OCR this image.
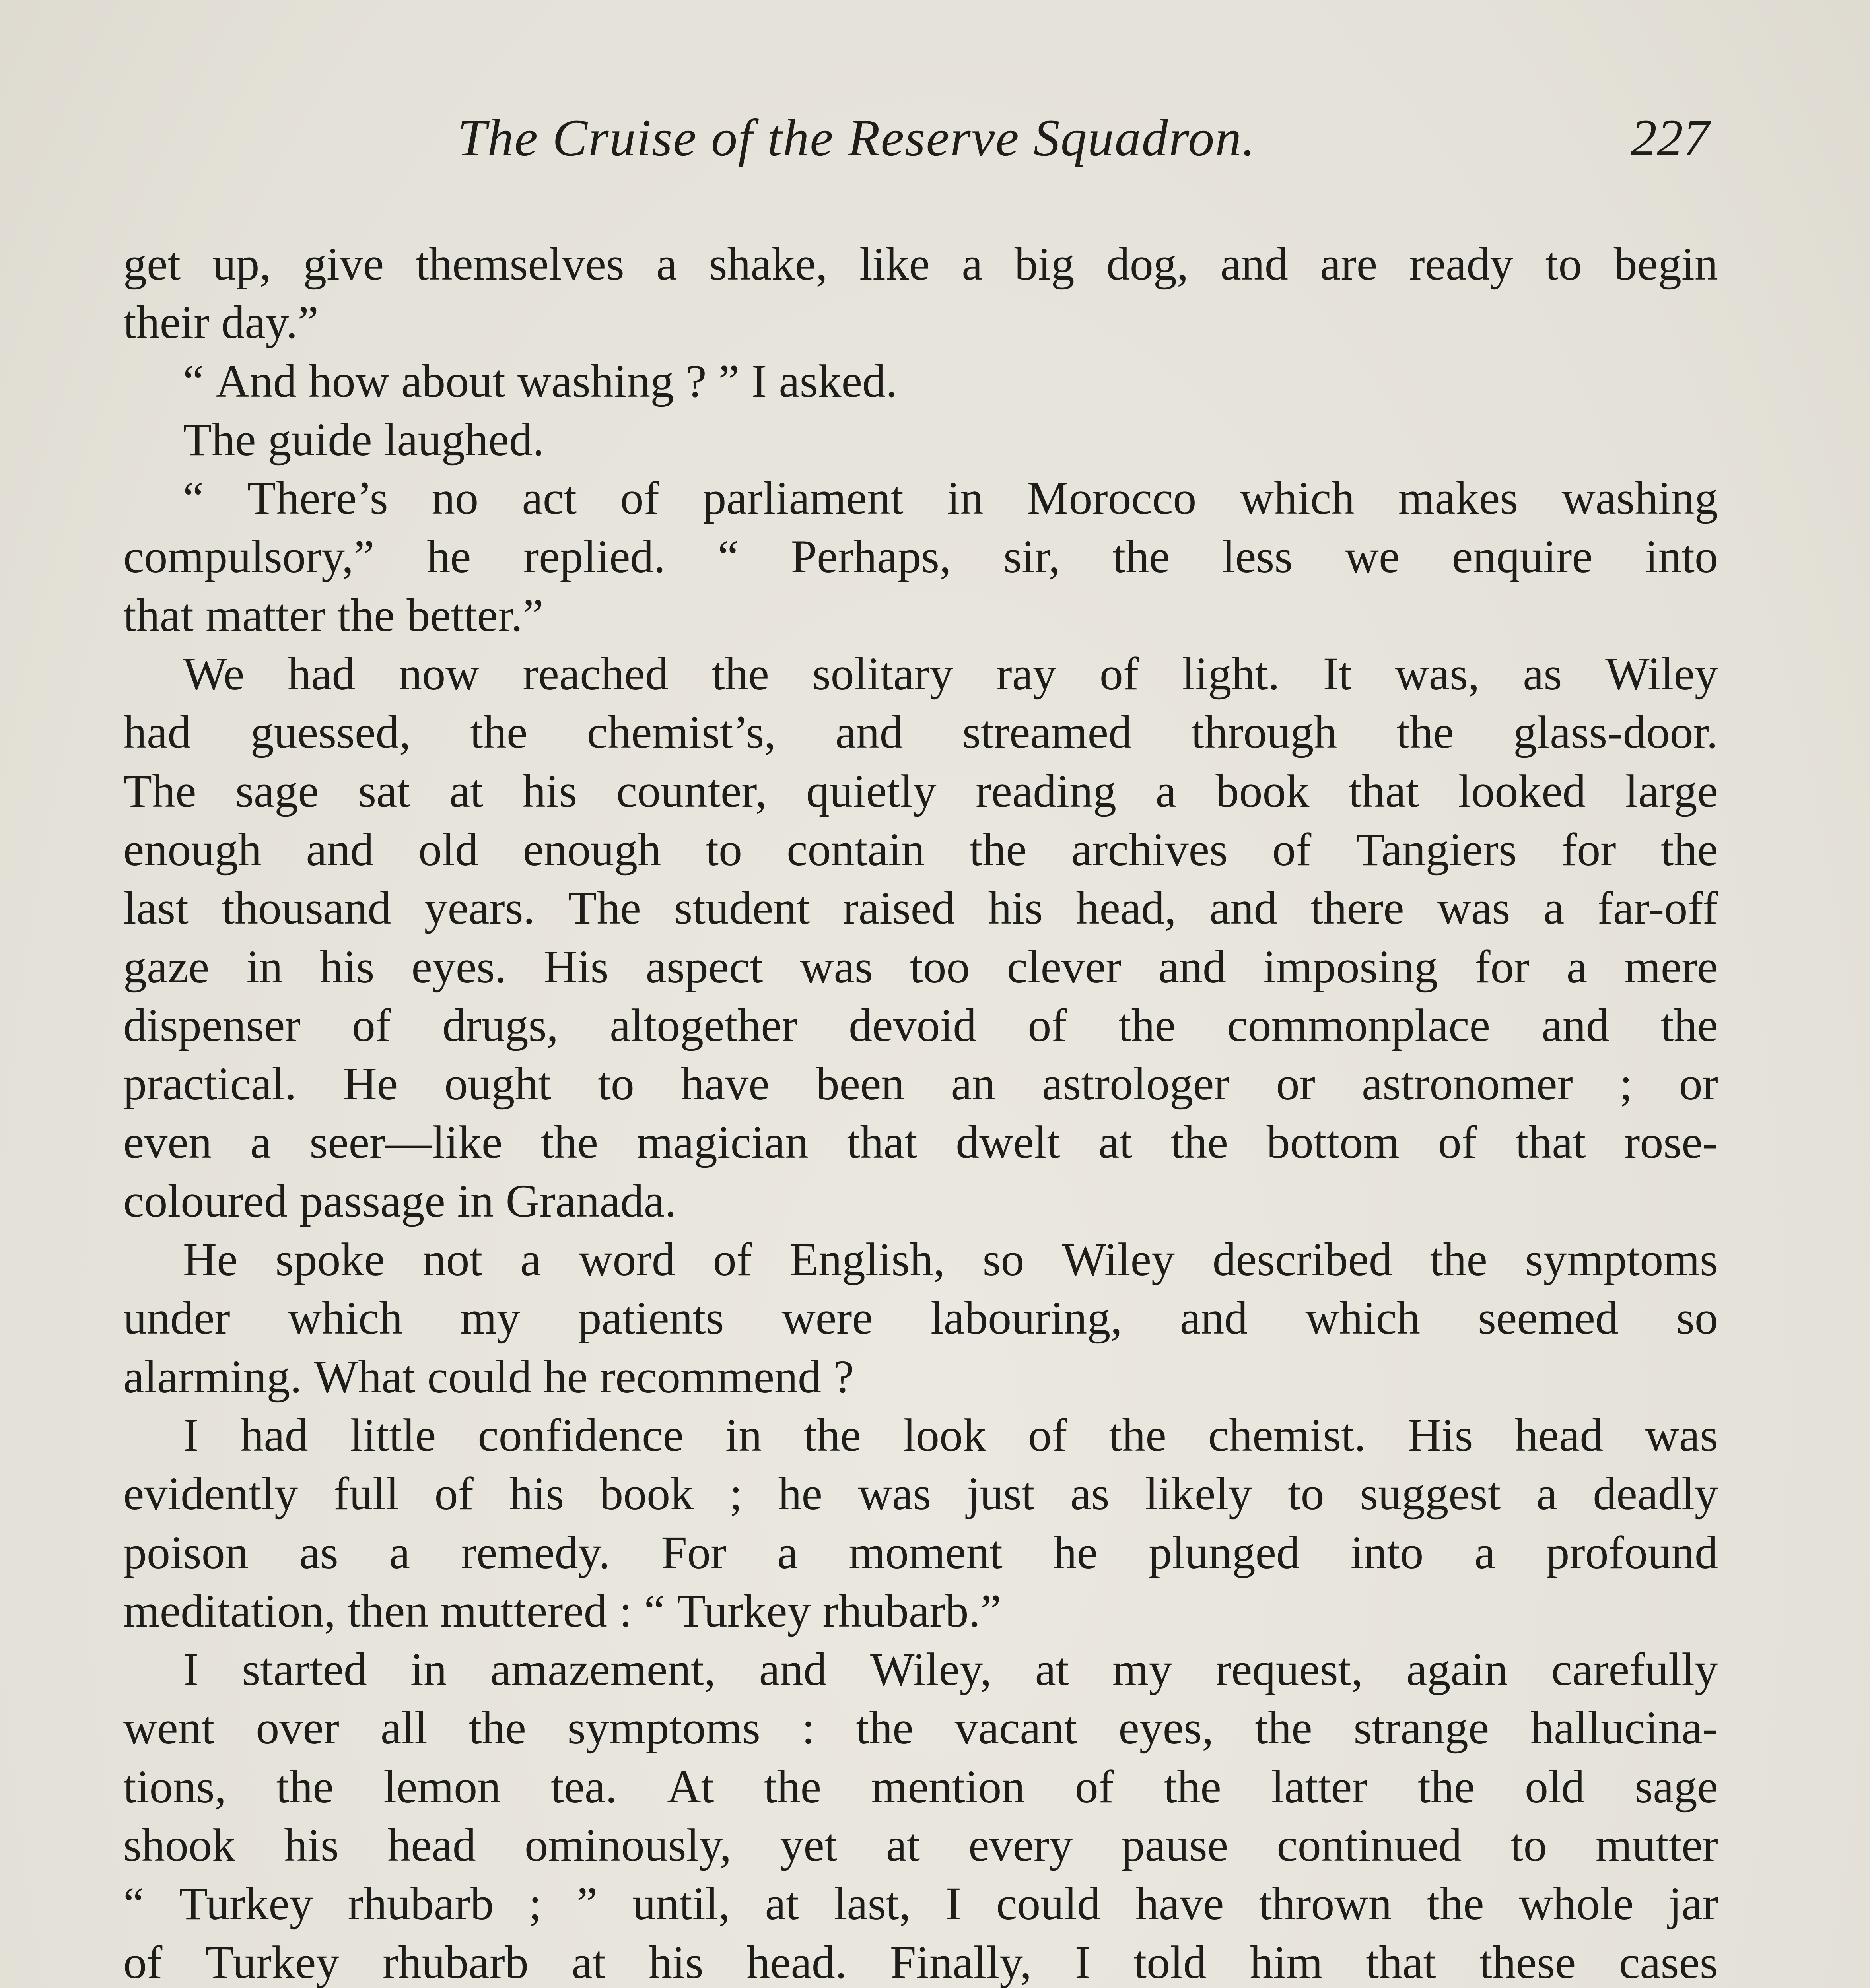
The Cruise of the Reserve Squadron.	227
get up, give themselves a shake, like a big dog, and are ready to begin
their day.”
“ And how about washing ? ” I asked.
The guide laughed.
“ There’s no act of parliament in Morocco which makes washing
compulsory,” he replied. “ Perhaps, sir, the less we enquire into
that matter the better.”
We had now reached the solitary ray of light. It was, as Wiley
had guessed, the chemist’s, and streamed through the glass-door.
The sage sat at his counter, quietly reading a book that looked large
enough and old enough to contain the archives of Tangiers for the
last thousand years. The student raised his head, and there was a far-off
gaze in his eyes. His aspect was too clever and imposing for a mere
dispenser of drugs, altogether devoid of the commonplace and the
practical. He ought to have been an astrologer or astronomer ; or
even a seer—like the magician that dwelt at the bottom of that rose-
coloured passage in Granada.
He spoke not a word of English, so Wiley described the symptoms
under which my patients were labouring, and which seemed so
alarming. What could he recommend ?
I had little confidence in the look of the chemist. His head was
evidently full of his book ; he was just as likely to suggest a deadly
poison as a remedy. For a moment he plunged into a profound
meditation, then muttered : “ Turkey rhubarb.”
I started in amazement, and Wiley, at my request, again carefully
went over all the symptoms : the vacant eyes, the strange hallucina-
tions, the lemon tea. At the mention of the latter the old sage
shook his head ominously, yet at every pause continued to mutter
“ Turkey rhubarb ; ” until, at last, I could have thrown the whole jar
of Turkey rhubarb at his head. Finally, I told him that these cases
